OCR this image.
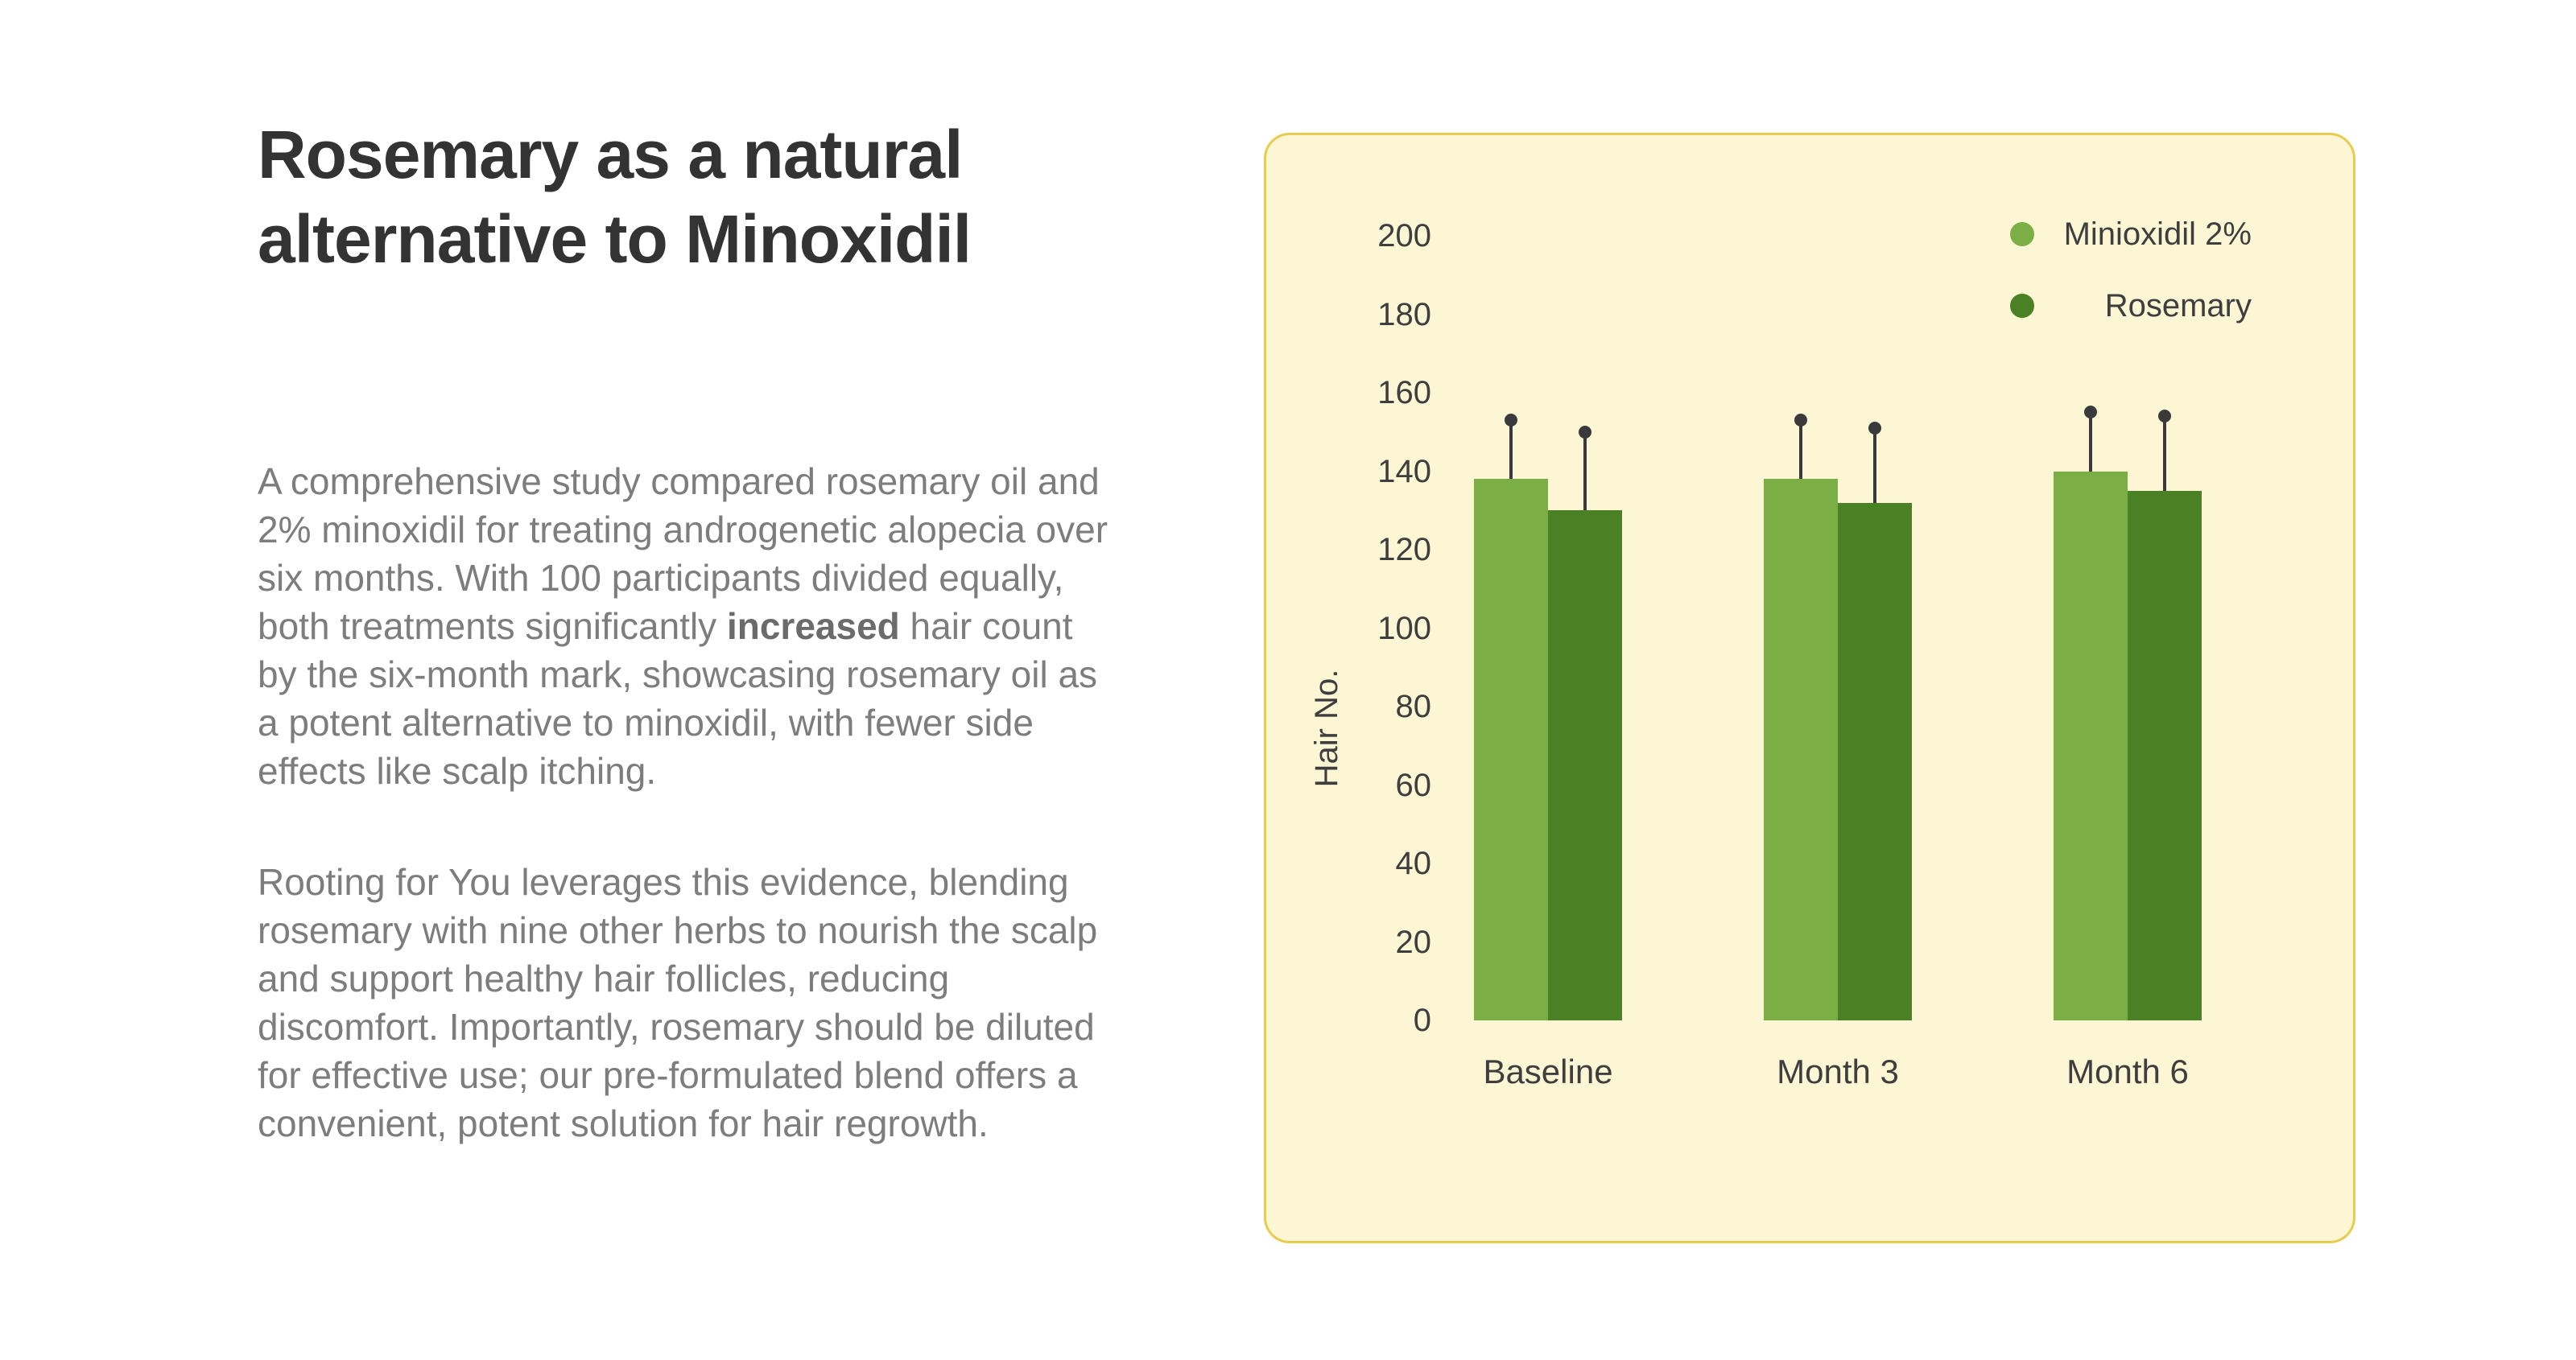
Rosemary as a natural alternative to Minoxidil

A comprehensive study compared rosemary oil and 2% minoxidil for treating androgenetic alopecia over six months. With 100 participants divided equally, both treatments significantly increased hair count by the six-month mark, showcasing rosemary oil as a potent alternative to minoxidil, with fewer side effects like scalp itching.

Rooting for You leverages this evidence, blending rosemary with nine other herbs to nourish the scalp and support healthy hair follicles, reducing discomfort. Importantly, rosemary should be diluted for effective use; our pre-formulated blend offers a convenient, potent solution for hair regrowth.

Hair No.
0
20
40
60
80
100
120
140
160
180
200
Baseline	Month 3	Month 6
Minioxidil 2%
Rosemary
